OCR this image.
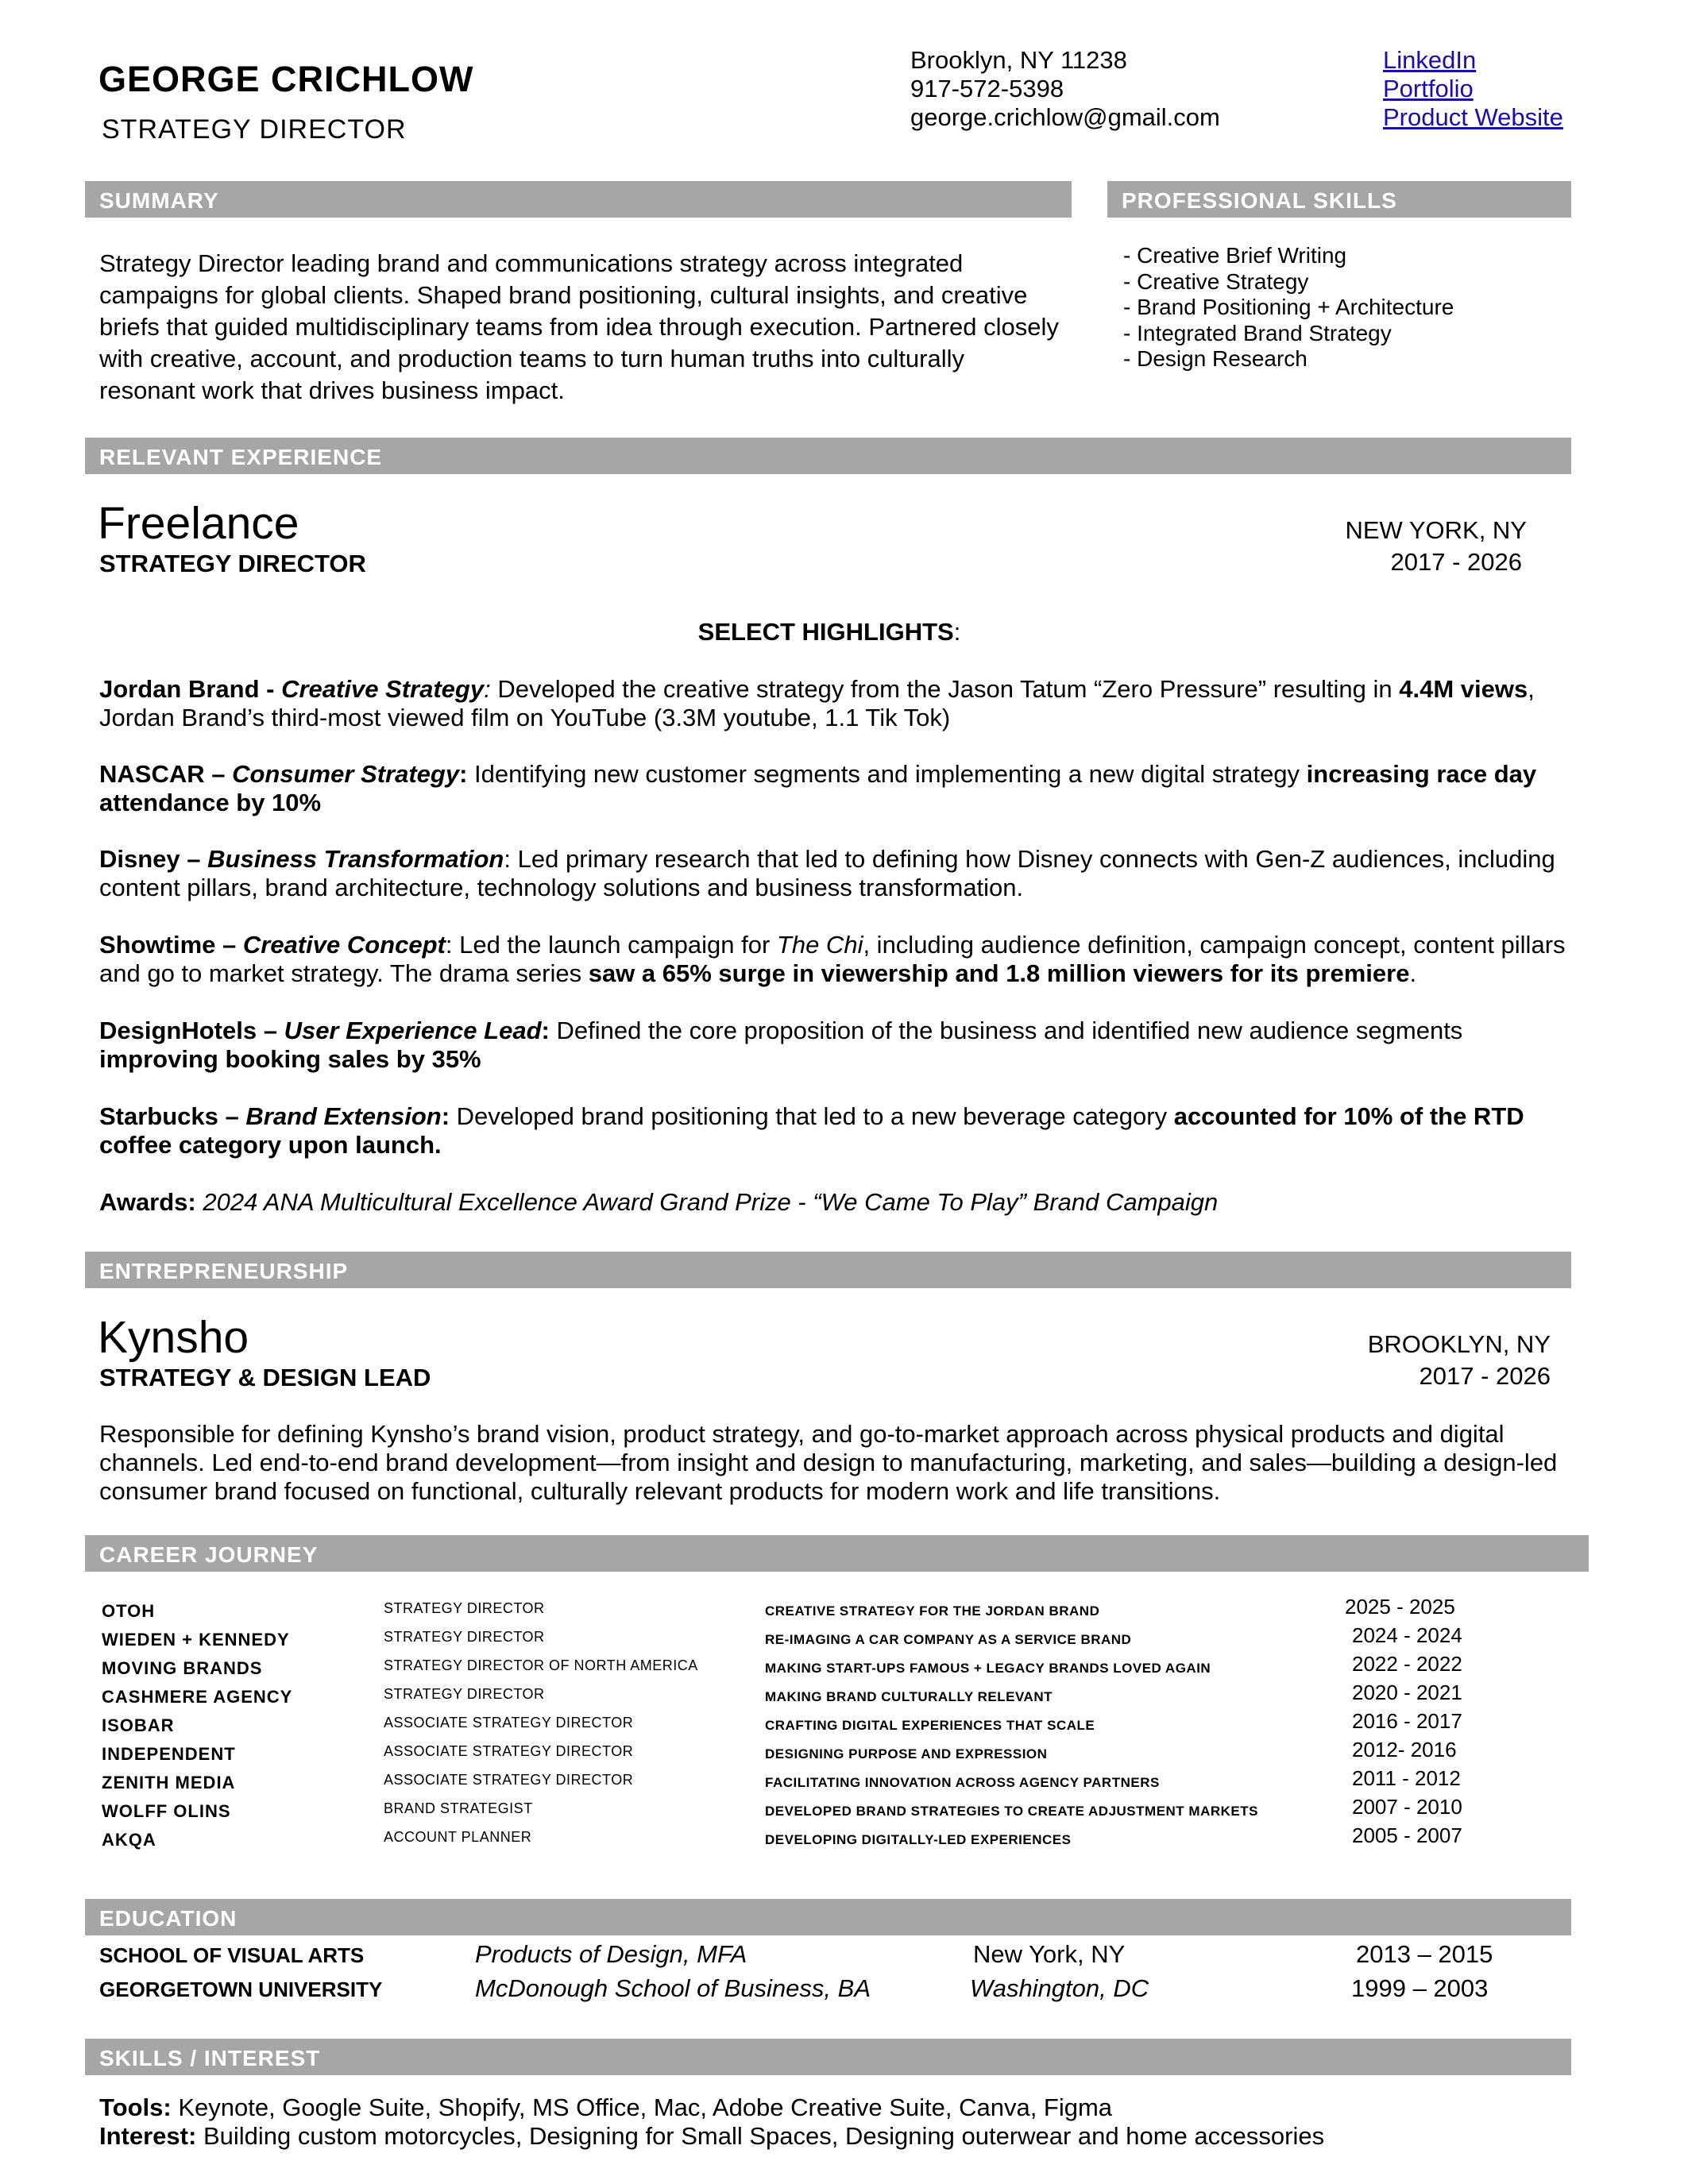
GEORGE CRICHLOW
STRATEGY DIRECTOR
Brooklyn, NY 11238
917-572-5398
george.crichlow@gmail.com
LinkedIn
Portfolio
Product Website
SUMMARY
Strategy Director leading brand and communications strategy across integrated campaigns for global clients. Shaped brand positioning, cultural insights, and creative briefs that guided multidisciplinary teams from idea through execution. Partnered closely with creative, account, and production teams to turn human truths into culturally resonant work that drives business impact.
PROFESSIONAL SKILLS
- Creative Brief Writing
- Creative Strategy
- Brand Positioning + Architecture
- Integrated Brand Strategy
- Design Research
RELEVANT EXPERIENCE
Freelance
STRATEGY DIRECTOR
NEW YORK, NY
2017 - 2026
SELECT HIGHLIGHTS:
Jordan Brand - Creative Strategy: Developed the creative strategy from the Jason Tatum “Zero Pressure” resulting in 4.4M views, Jordan Brand’s third-most viewed film on YouTube (3.3M youtube, 1.1 Tik Tok)
NASCAR – Consumer Strategy: Identifying new customer segments and implementing a new digital strategy increasing race day attendance by 10%
Disney – Business Transformation: Led primary research that led to defining how Disney connects with Gen-Z audiences, including content pillars, brand architecture, technology solutions and business transformation.
Showtime – Creative Concept: Led the launch campaign for The Chi, including audience definition, campaign concept, content pillars and go to market strategy. The drama series saw a 65% surge in viewership and 1.8 million viewers for its premiere.
DesignHotels – User Experience Lead: Defined the core proposition of the business and identified new audience segments improving booking sales by 35%
Starbucks – Brand Extension: Developed brand positioning that led to a new beverage category accounted for 10% of the RTD coffee category upon launch.
Awards: 2024 ANA Multicultural Excellence Award Grand Prize - “We Came To Play” Brand Campaign
ENTREPRENEURSHIP
Kynsho
STRATEGY & DESIGN LEAD
BROOKLYN, NY
2017 - 2026
Responsible for defining Kynsho’s brand vision, product strategy, and go-to-market approach across physical products and digital channels. Led end-to-end brand development—from insight and design to manufacturing, marketing, and sales—building a design-led consumer brand focused on functional, culturally relevant products for modern work and life transitions.
CAREER JOURNEY
OTOH	STRATEGY DIRECTOR	CREATIVE STRATEGY FOR THE JORDAN BRAND	2025 - 2025
WIEDEN + KENNEDY	STRATEGY DIRECTOR	RE-IMAGING A CAR COMPANY AS A SERVICE BRAND	2024 - 2024
MOVING BRANDS	STRATEGY DIRECTOR OF NORTH AMERICA	MAKING START-UPS FAMOUS + LEGACY BRANDS LOVED AGAIN	2022 - 2022
CASHMERE AGENCY	STRATEGY DIRECTOR	MAKING BRAND CULTURALLY RELEVANT	2020 - 2021
ISOBAR	ASSOCIATE STRATEGY DIRECTOR	CRAFTING DIGITAL EXPERIENCES THAT SCALE	2016 - 2017
INDEPENDENT	ASSOCIATE STRATEGY DIRECTOR	DESIGNING PURPOSE AND EXPRESSION	2012- 2016
ZENITH MEDIA	ASSOCIATE STRATEGY DIRECTOR	FACILITATING INNOVATION ACROSS AGENCY PARTNERS	2011 - 2012
WOLFF OLINS	BRAND STRATEGIST	DEVELOPED BRAND STRATEGIES TO CREATE ADJUSTMENT MARKETS	2007 - 2010
AKQA	ACCOUNT PLANNER	DEVELOPING DIGITALLY-LED EXPERIENCES	2005 - 2007
EDUCATION
SCHOOL OF VISUAL ARTS	Products of Design, MFA	New York, NY	2013 – 2015
GEORGETOWN UNIVERSITY	McDonough School of Business, BA	Washington, DC	1999 – 2003
SKILLS / INTEREST
Tools: Keynote, Google Suite, Shopify, MS Office, Mac, Adobe Creative Suite, Canva, Figma
Interest: Building custom motorcycles, Designing for Small Spaces, Designing outerwear and home accessories
